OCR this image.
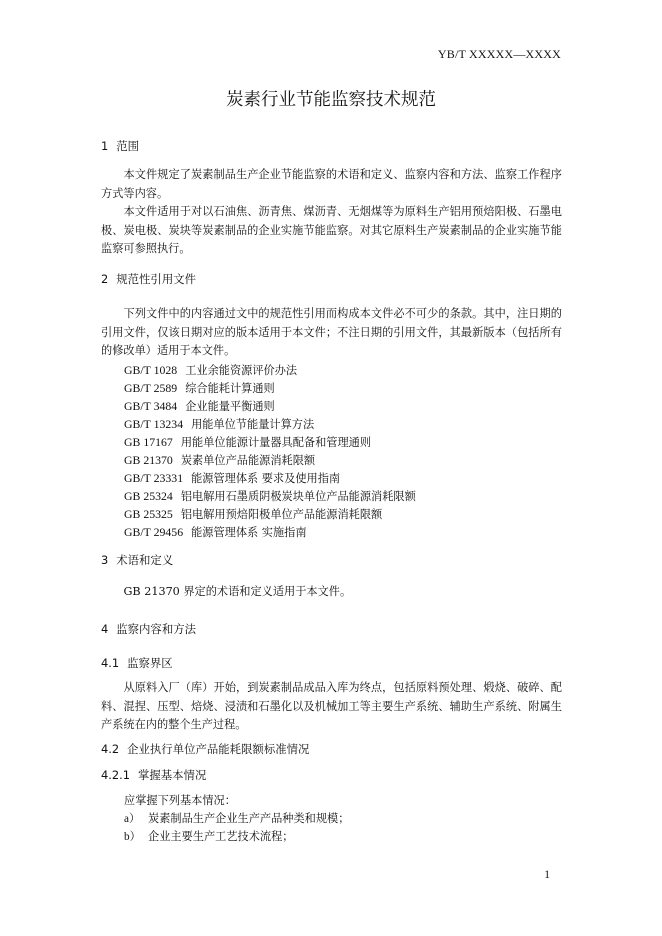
YB/T XXXXX—XXXX
炭素行业节能监察技术规范
1 范围
本文件规定了炭素制品生产企业节能监察的术语和定义、监察内容和方法、监察工作程序方式等内容。
本文件适用于对以石油焦、沥青焦、煤沥青、无烟煤等为原料生产铝用预焙阳极、石墨电极、炭电极、炭块等炭素制品的企业实施节能监察。对其它原料生产炭素制品的企业实施节能监察可参照执行。
2 规范性引用文件
下列文件中的内容通过文中的规范性引用而构成本文件必不可少的条款。其中，注日期的引用文件，仅该日期对应的版本适用于本文件；不注日期的引用文件，其最新版本（包括所有的修改单）适用于本文件。
GB/T 1028 工业余能资源评价办法
GB/T 2589 综合能耗计算通则
GB/T 3484 企业能量平衡通则
GB/T 13234 用能单位节能量计算方法
GB 17167 用能单位能源计量器具配备和管理通则
GB 21370 炭素单位产品能源消耗限额
GB/T 23331 能源管理体系 要求及使用指南
GB 25324 铝电解用石墨质阴极炭块单位产品能源消耗限额
GB 25325 铝电解用预焙阳极单位产品能源消耗限额
GB/T 29456 能源管理体系 实施指南
3 术语和定义
GB 21370 界定的术语和定义适用于本文件。
4 监察内容和方法
4.1 监察界区
从原料入厂（库）开始，到炭素制品成品入库为终点，包括原料预处理、煅烧、破碎、配料、混捏、压型、焙烧、浸渍和石墨化以及机械加工等主要生产系统、辅助生产系统、附属生产系统在内的整个生产过程。
4.2 企业执行单位产品能耗限额标准情况
4.2.1 掌握基本情况
应掌握下列基本情况：
a） 炭素制品生产企业生产产品种类和规模；
b） 企业主要生产工艺技术流程；
1
